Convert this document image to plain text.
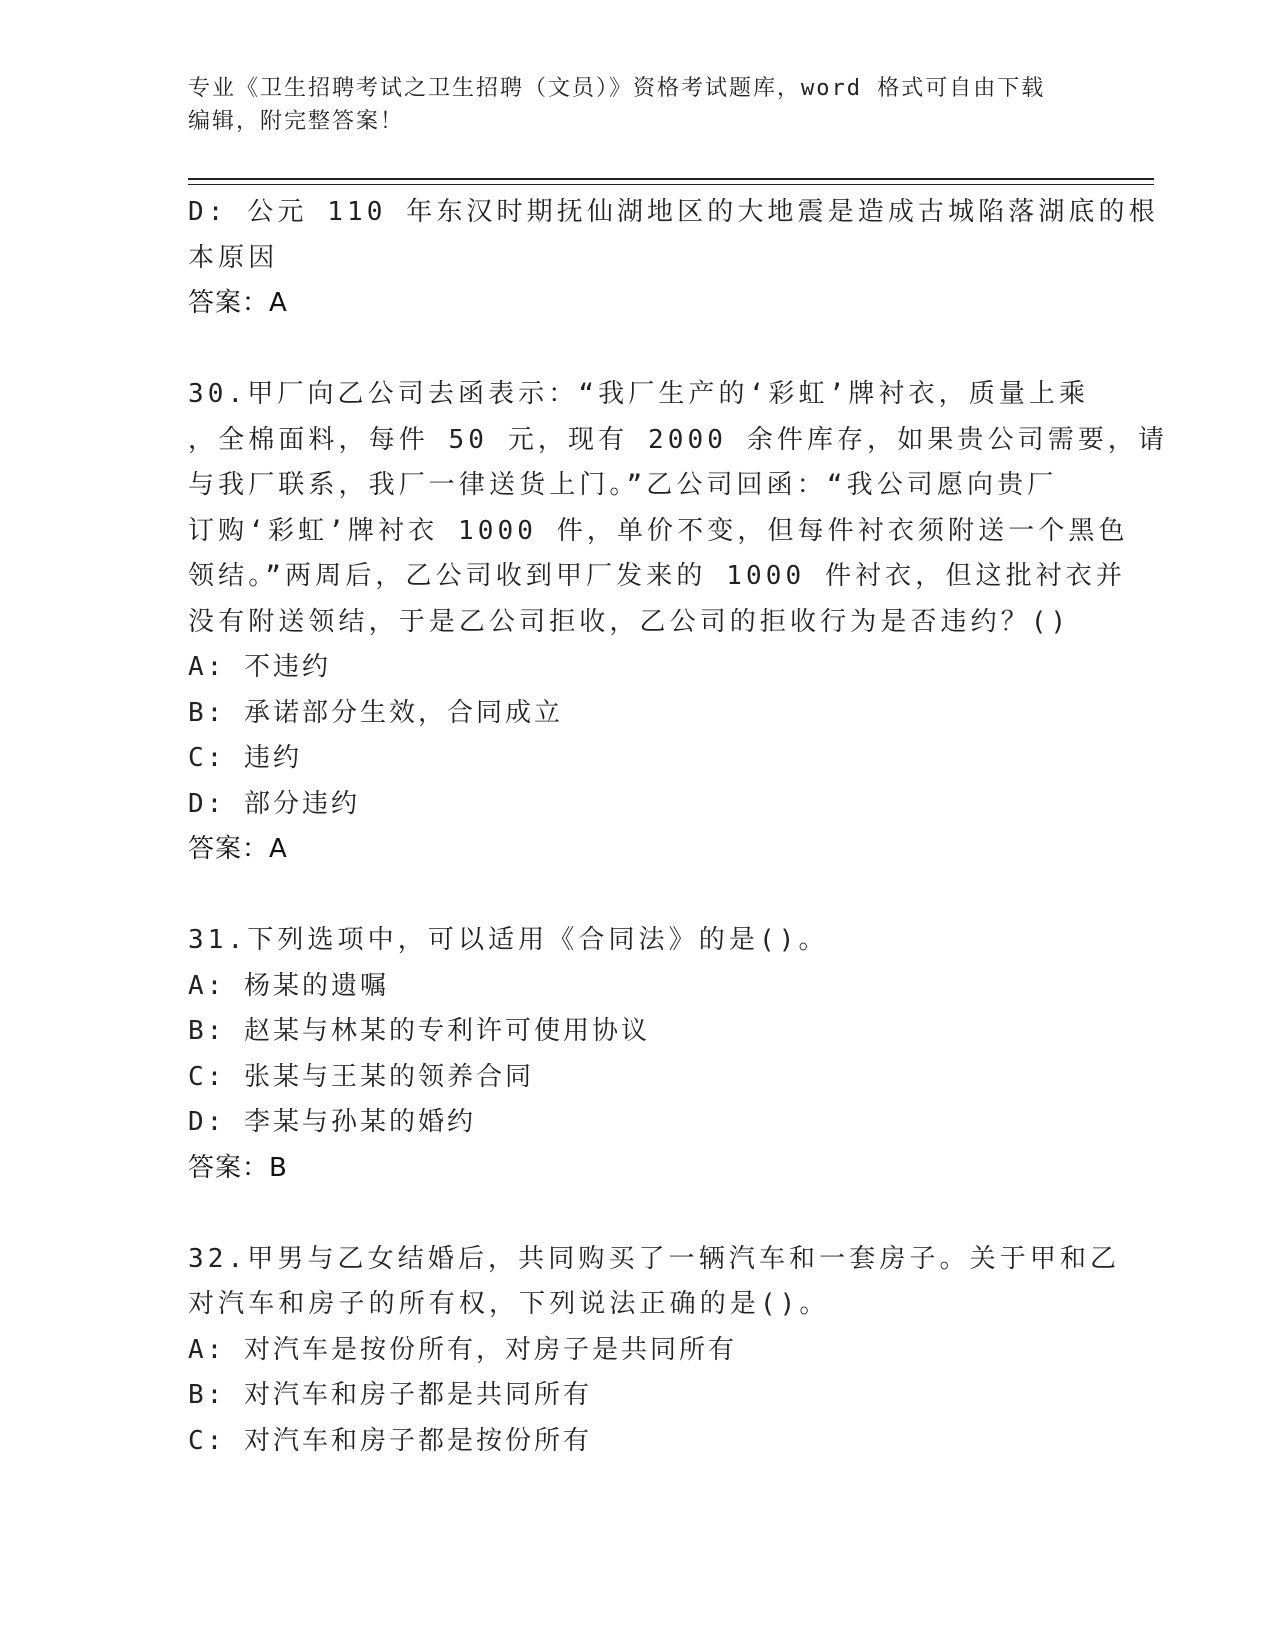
专业《卫生招聘考试之卫生招聘（文员）》资格考试题库，word 格式可自由下载
编辑，附完整答案！
D: 公元 110 年东汉时期抚仙湖地区的大地震是造成古城陷落湖底的根
本原因
答案：A
30.甲厂向乙公司去函表示：“我厂生产的‘彩虹’牌衬衣，质量上乘
，全棉面料，每件 50 元，现有 2000 余件库存，如果贵公司需要，请
与我厂联系，我厂一律送货上门。”乙公司回函：“我公司愿向贵厂
订购‘彩虹’牌衬衣 1000 件，单价不变，但每件衬衣须附送一个黑色
领结。”两周后，乙公司收到甲厂发来的 1000 件衬衣，但这批衬衣并
没有附送领结，于是乙公司拒收，乙公司的拒收行为是否违约？()
A: 不违约
B: 承诺部分生效，合同成立
C: 违约
D: 部分违约
答案：A
31.下列选项中，可以适用《合同法》的是()。
A: 杨某的遗嘱
B: 赵某与林某的专利许可使用协议
C: 张某与王某的领养合同
D: 李某与孙某的婚约
答案：B
32.甲男与乙女结婚后，共同购买了一辆汽车和一套房子。关于甲和乙
对汽车和房子的所有权，下列说法正确的是()。
A: 对汽车是按份所有，对房子是共同所有
B: 对汽车和房子都是共同所有
C: 对汽车和房子都是按份所有
